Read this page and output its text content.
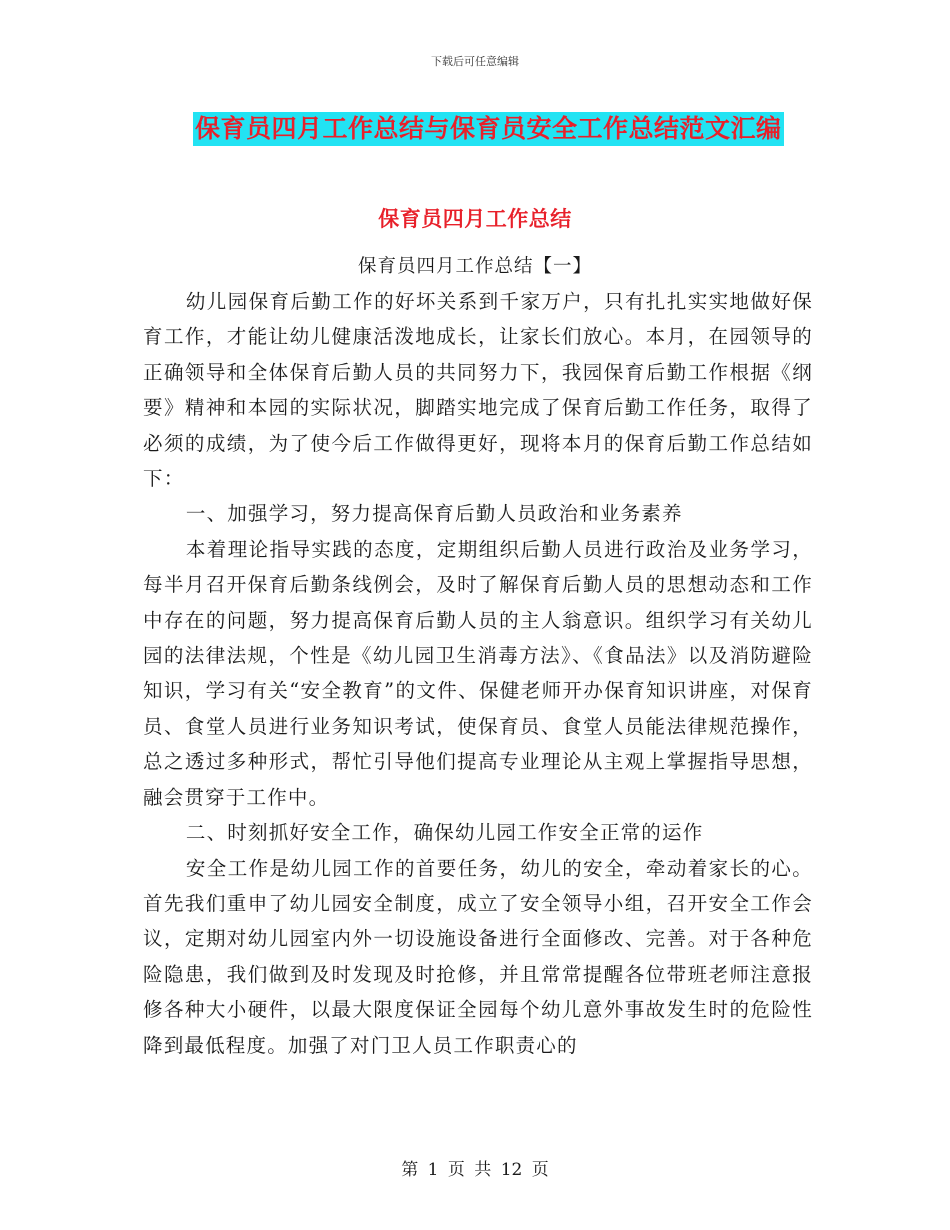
下载后可任意编辑
保育员四月工作总结与保育员安全工作总结范文汇编
保育员四月工作总结
保育员四月工作总结【一】

幼儿园保育后勤工作的好坏关系到千家万户，只有扎扎实实地做好保育工作，才能让幼儿健康活泼地成长，让家长们放心。本月，在园领导的正确领导和全体保育后勤人员的共同努力下，我园保育后勤工作根据《纲要》精神和本园的实际状况，脚踏实地完成了保育后勤工作任务，取得了必须的成绩，为了使今后工作做得更好，现将本月的保育后勤工作总结如下：

一、加强学习，努力提高保育后勤人员政治和业务素养

本着理论指导实践的态度，定期组织后勤人员进行政治及业务学习，每半月召开保育后勤条线例会，及时了解保育后勤人员的思想动态和工作中存在的问题，努力提高保育后勤人员的主人翁意识。组织学习有关幼儿园的法律法规，个性是《幼儿园卫生消毒方法》、《食品法》以及消防避险知识，学习有关“安全教育”的文件、保健老师开办保育知识讲座，对保育员、食堂人员进行业务知识考试，使保育员、食堂人员能法律规范操作，总之透过多种形式，帮忙引导他们提高专业理论从主观上掌握指导思想，融会贯穿于工作中。

二、时刻抓好安全工作，确保幼儿园工作安全正常的运作

安全工作是幼儿园工作的首要任务，幼儿的安全，牵动着家长的心。首先我们重申了幼儿园安全制度，成立了安全领导小组，召开安全工作会议，定期对幼儿园室内外一切设施设备进行全面修改、完善。对于各种危险隐患，我们做到及时发现及时抢修，并且常常提醒各位带班老师注意报修各种大小硬件，以最大限度保证全园每个幼儿意外事故发生时的危险性降到最低程度。加强了对门卫人员工作职责心的

第 1 页 共 12 页
